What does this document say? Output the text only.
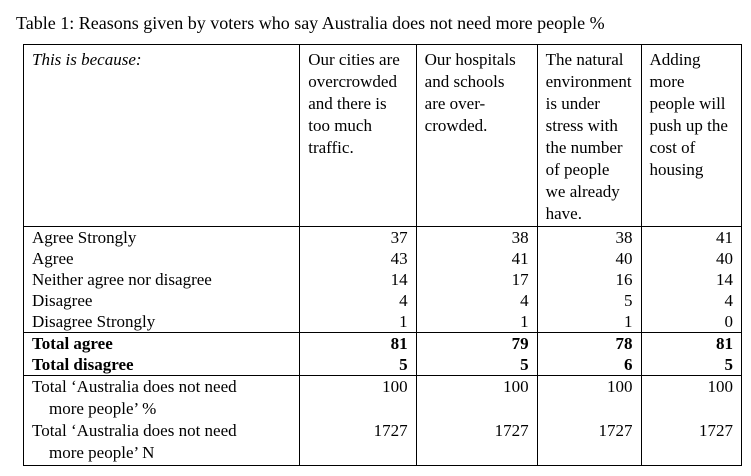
Table 1: Reasons given by voters who say Australia does not need more people %
This is because:	Our cities are overcrowded and there is too much traffic.	Our hospitals and schools are over-crowded.	The natural environment is under stress with the number of people we already have.	Adding more people will push up the cost of housing
Agree Strongly	37	38	38	41
Agree	43	41	40	40
Neither agree nor disagree	14	17	16	14
Disagree	4	4	5	4
Disagree Strongly	1	1	1	0
Total agree	81	79	78	81
Total disagree	5	5	6	5

Total ‘Australia does not need
more people’ %	100	100	100	100

Total ‘Australia does not need
more people’ N	1727	1727	1727	1727
